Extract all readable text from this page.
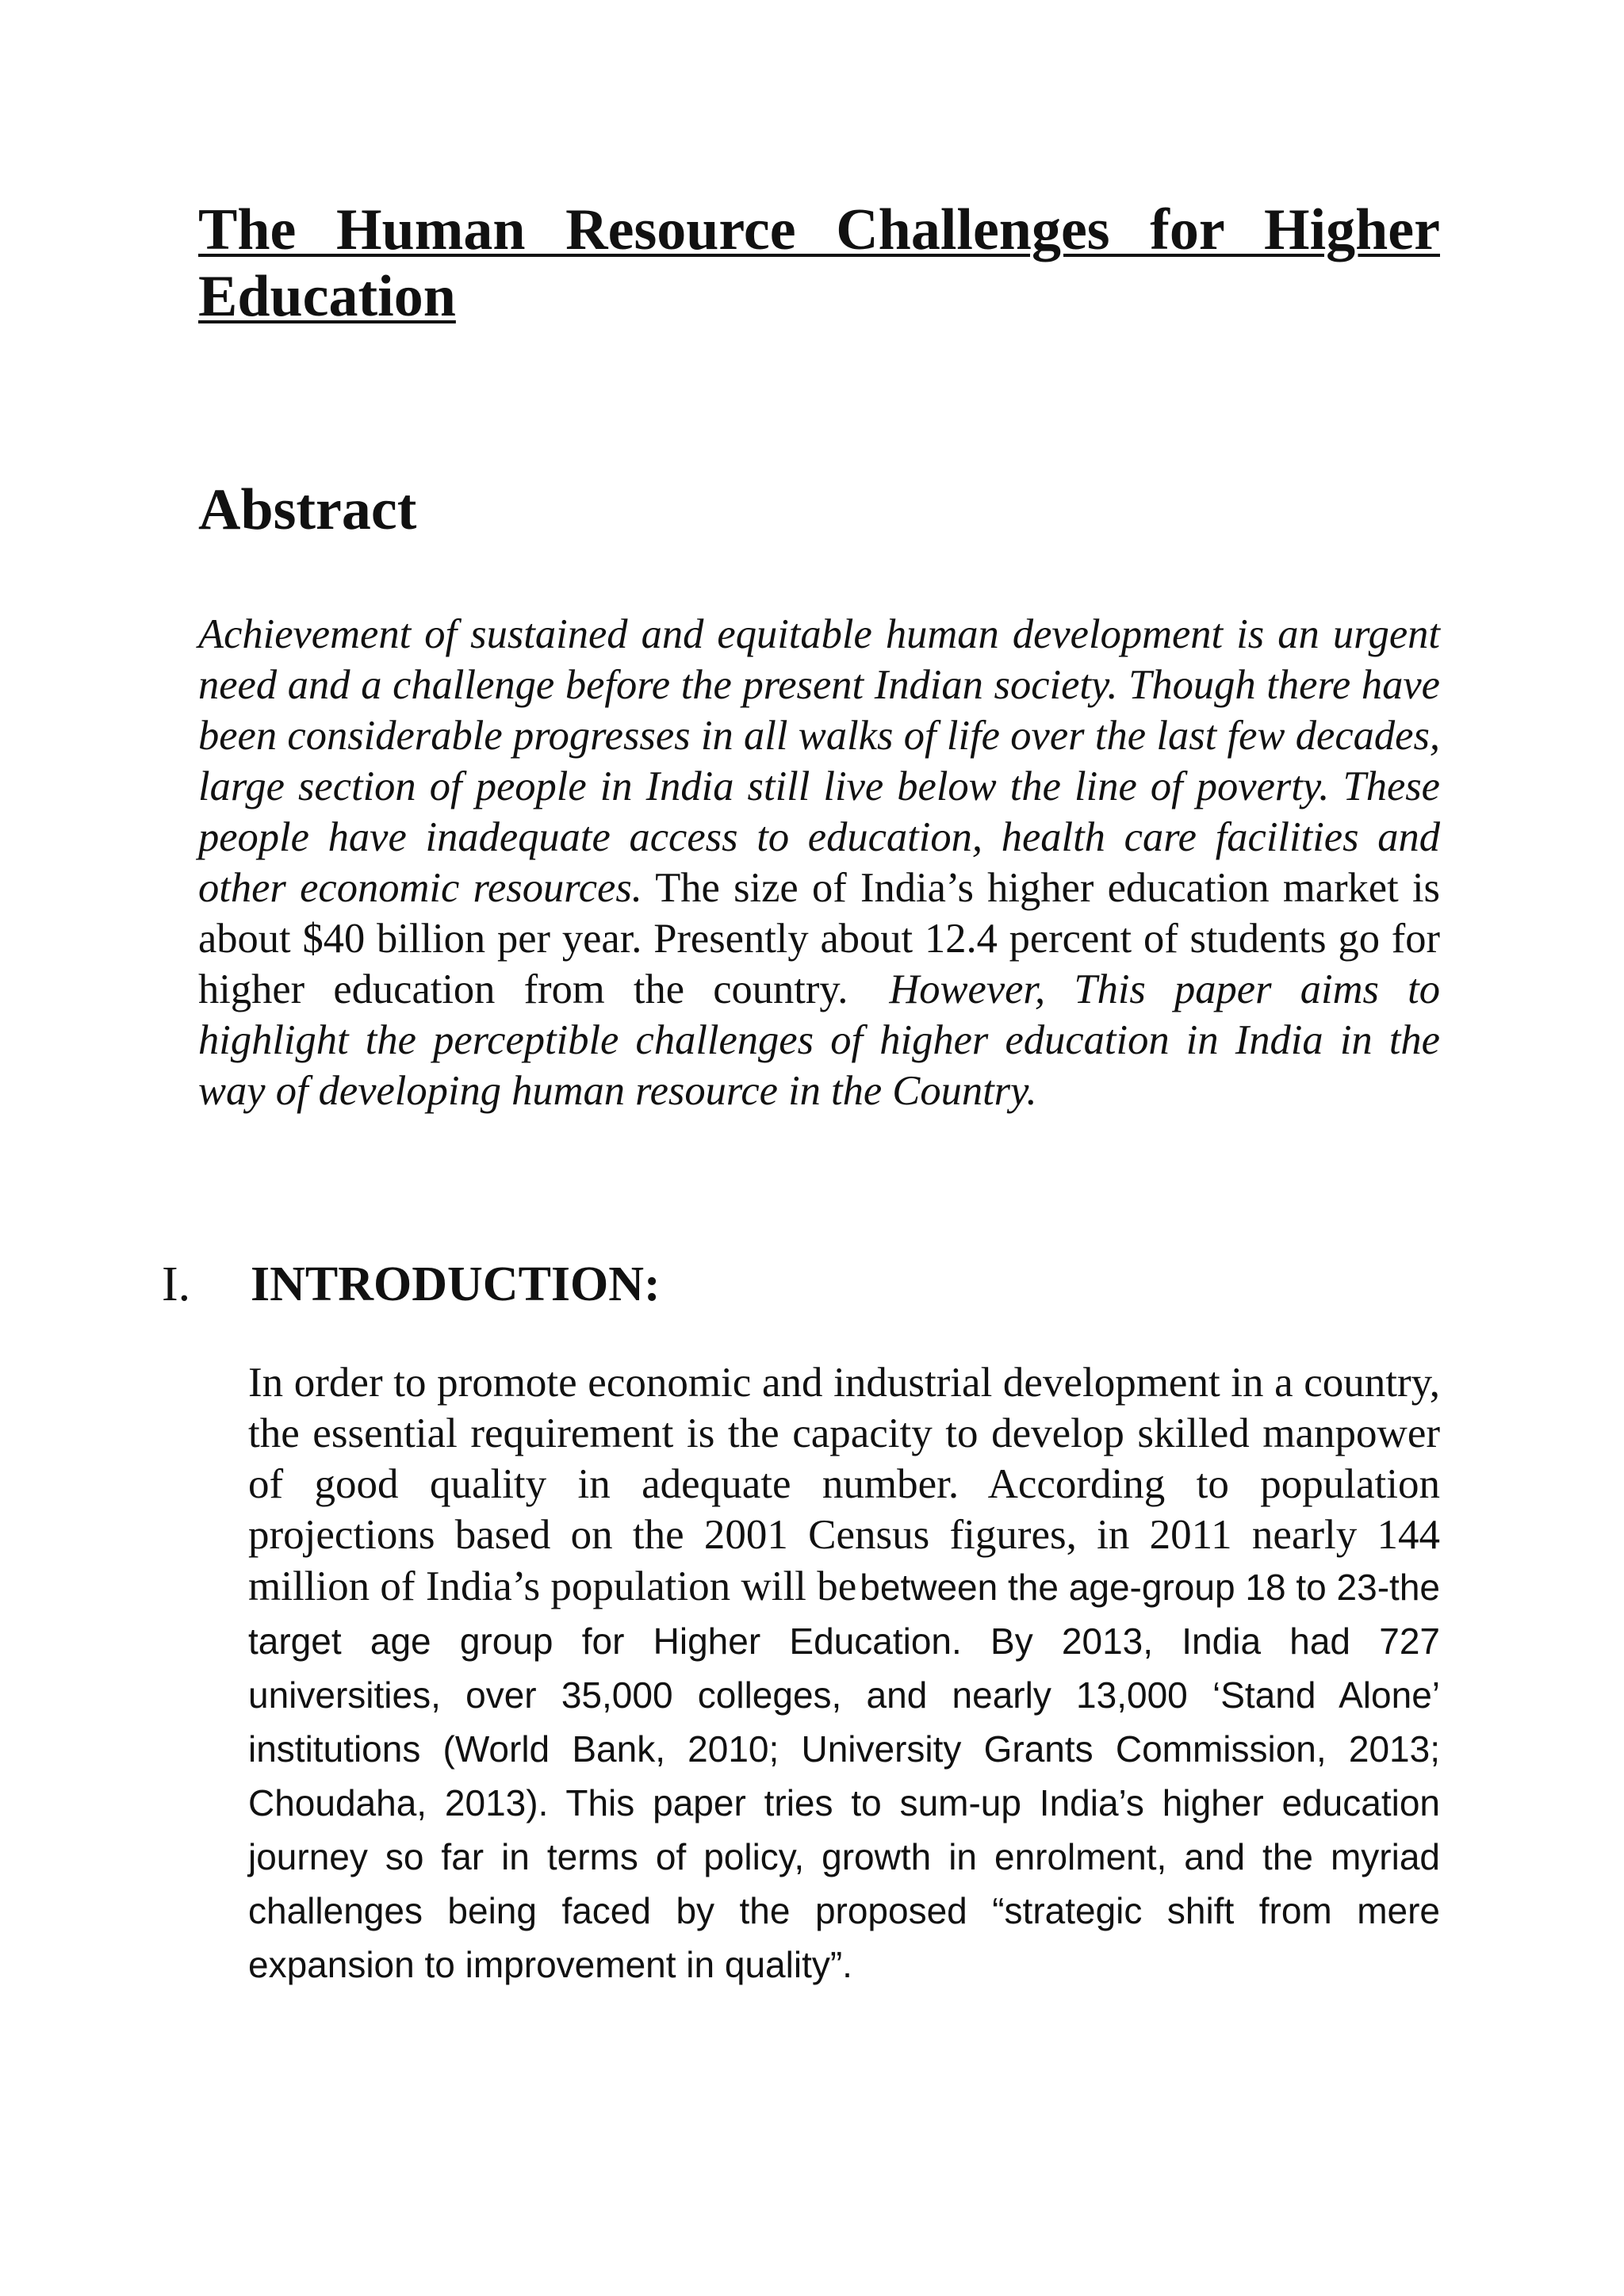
The Human Resource Challenges for Higher Education
Abstract

Achievement of sustained and equitable human development is an urgent need and a challenge before the present Indian society. Though there have been considerable progresses in all walks of life over the last few decades, large section of people in India still live below the line of poverty. These people have inadequate access to education, health care facilities and other economic resources. The size of India’s higher education market is about $40 billion per year. Presently about 12.4 percent of students go for higher education from the country. However, This paper aims to highlight the perceptible challenges of higher education in India in the way of developing human resource in the Country.

I. INTRODUCTION:

In order to promote economic and industrial development in a country, the essential requirement is the capacity to develop skilled manpower of good quality in adequate number. According to population projections based on the 2001 Census figures, in 2011 nearly 144 million of India’s population will be between the age-group 18 to 23-the target age group for Higher Education. By 2013, India had 727 universities, over 35,000 colleges, and nearly 13,000 ‘Stand Alone’ institutions (World Bank, 2010; University Grants Commission, 2013; Choudaha, 2013). This paper tries to sum-up India’s higher education journey so far in terms of policy, growth in enrolment, and the myriad challenges being faced by the proposed “strategic shift from mere expansion to improvement in quality”.
